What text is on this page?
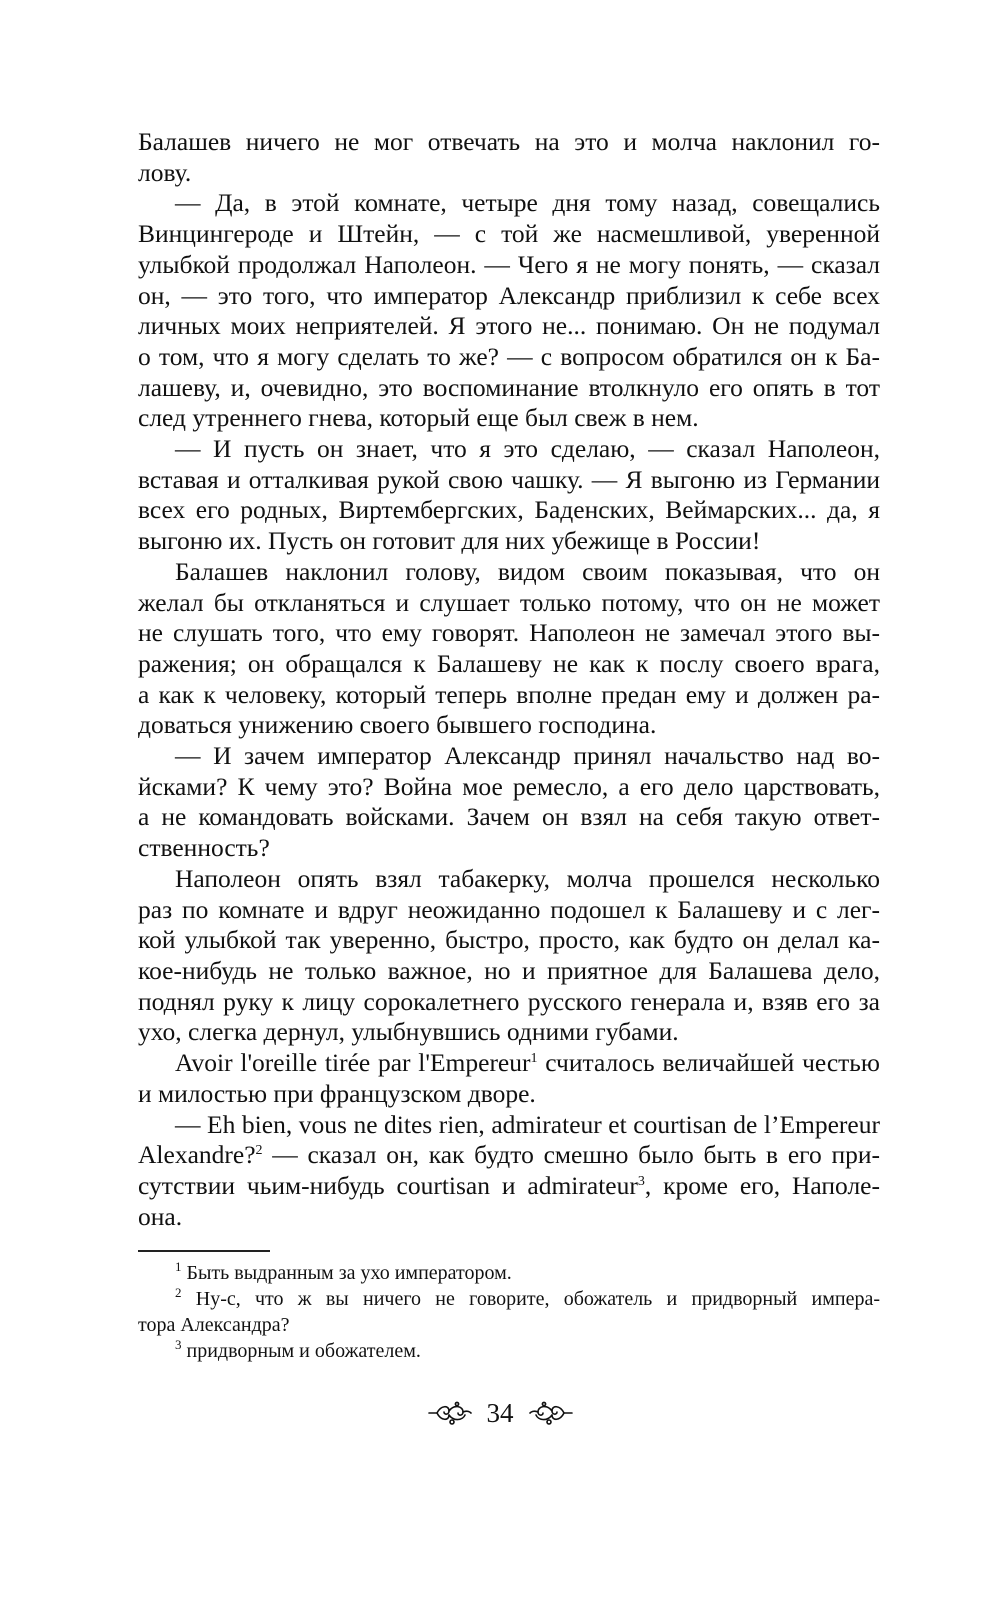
Балашев ничего не мог отвечать на это и молча наклонил го-
лову.

— Да, в этой комнате, четыре дня тому назад, совещались
Винцингероде и Штейн, — с той же насмешливой, уверенной
улыбкой продолжал Наполеон. — Чего я не могу понять, — сказал
он, — это того, что император Александр приблизил к себе всех
личных моих неприятелей. Я этого не... понимаю. Он не подумал
о том, что я могу сделать то же? — с вопросом обратился он к Ба-
лашеву, и, очевидно, это воспоминание втолкнуло его опять в тот
след утреннего гнева, который еще был свеж в нем.

— И пусть он знает, что я это сделаю, — сказал Наполеон,
вставая и отталкивая рукой свою чашку. — Я выгоню из Германии
всех его родных, Виртембергских, Баденских, Веймарских... да, я
выгоню их. Пусть он готовит для них убежище в России!

Балашев наклонил голову, видом своим показывая, что он
желал бы откланяться и слушает только потому, что он не может
не слушать того, что ему говорят. Наполеон не замечал этого вы-
ражения; он обращался к Балашеву не как к послу своего врага,
а как к человеку, который теперь вполне предан ему и должен ра-
доваться унижению своего бывшего господина.

— И зачем император Александр принял начальство над во-
йсками? К чему это? Война мое ремесло, а его дело царствовать,
а не командовать войсками. Зачем он взял на себя такую ответ-
ственность?

Наполеон опять взял табакерку, молча прошелся несколько
раз по комнате и вдруг неожиданно подошел к Балашеву и с лег-
кой улыбкой так уверенно, быстро, просто, как будто он делал ка-
кое-нибудь не только важное, но и приятное для Балашева дело,
поднял руку к лицу сорокалетнего русского генерала и, взяв его за
ухо, слегка дернул, улыбнувшись одними губами.

Avoir l'oreille tirée par l'Empereur$^1$ считалось величайшей честью
и милостью при французском дворе.

— Eh bien, vous ne dites rien, admirateur et courtisan de l’Empereur
Alexandre?$^2$ — сказал он, как будто смешно было быть в его при-
сутствии чьим-нибудь courtisan и admirateur$^3$, кроме его, Наполе-
она.

$^1$ Быть выдранным за ухо императором.

$^2$ Ну-с, что ж вы ничего не говорите, обожатель и придворный импера-
тора Александра?

$^3$ придворным и обожателем.

34
